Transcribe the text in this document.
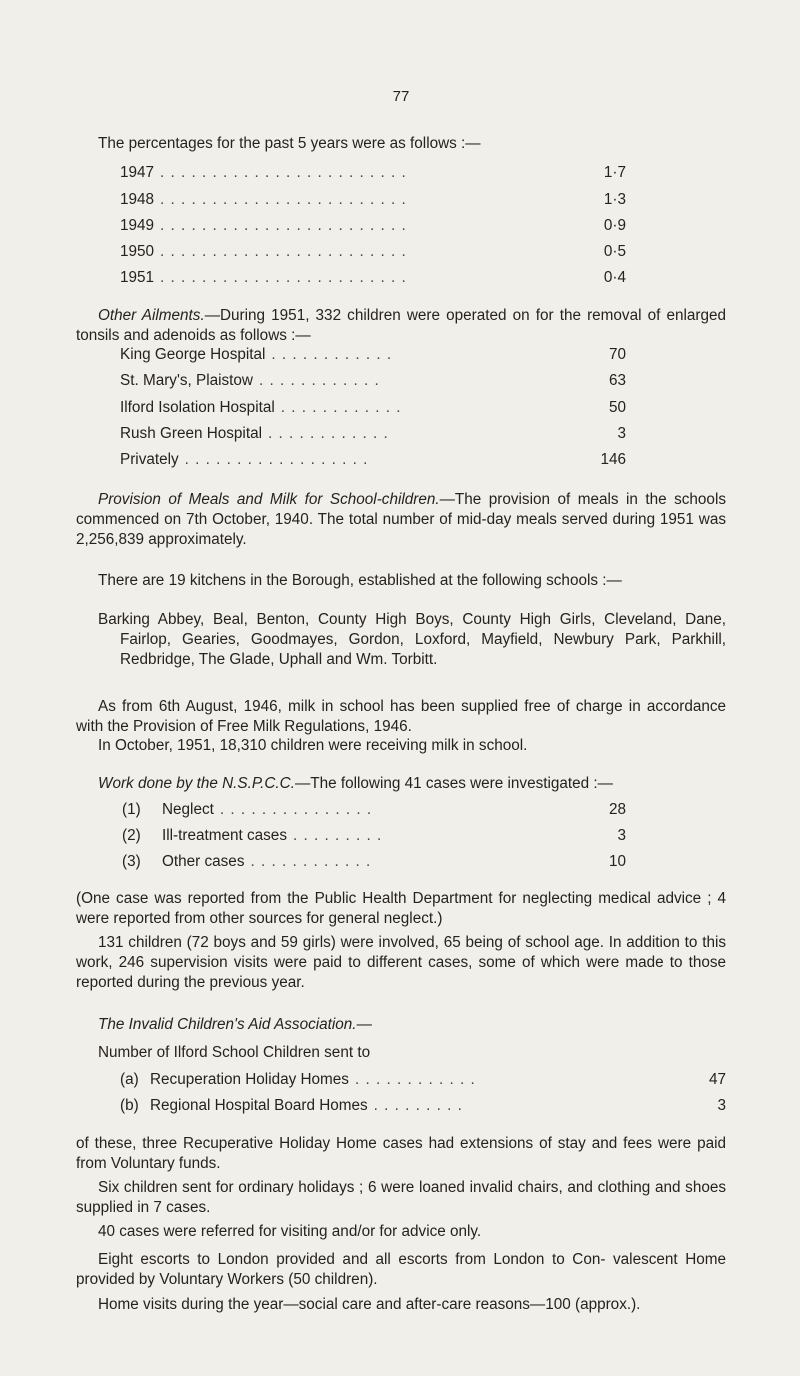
77
The percentages for the past 5 years were as follows :—
1947 . . . . . . . . . . . . . . . . . . . . . . . .	1·7
1948 . . . . . . . . . . . . . . . . . . . . . . . .	1·3
1949 . . . . . . . . . . . . . . . . . . . . . . . .	0·9
1950 . . . . . . . . . . . . . . . . . . . . . . . .	0·5
1951 . . . . . . . . . . . . . . . . . . . . . . . .	0·4
Other Ailments.—During 1951, 332 children were operated on for the removal of enlarged tonsils and adenoids as follows :—
King George Hospital . . . . . . . . . . . .	70
St. Mary's, Plaistow . . . . . . . . . . . .	63
Ilford Isolation Hospital . . . . . . . . . . . .	50
Rush Green Hospital . . . . . . . . . . . .	3
Privately . . . . . . . . . . . . . . . . . .	146
Provision of Meals and Milk for School-children.—The provision of meals in the schools commenced on 7th October, 1940. The total number of mid-day meals served during 1951 was 2,256,839 approximately.
There are 19 kitchens in the Borough, established at the following schools :—
Barking Abbey, Beal, Benton, County High Boys, County High Girls, Cleveland, Dane, Fairlop, Gearies, Goodmayes, Gordon, Loxford, Mayfield, Newbury Park, Parkhill, Redbridge, The Glade, Uphall and Wm. Torbitt.
As from 6th August, 1946, milk in school has been supplied free of charge in accordance with the Provision of Free Milk Regulations, 1946.
In October, 1951, 18,310 children were receiving milk in school.
Work done by the N.S.P.C.C.—The following 41 cases were investigated :—
(1)	Neglect . . . . . . . . . . . . . . .	28
(2)	Ill-treatment cases . . . . . . . . .	3
(3)	Other cases . . . . . . . . . . . .	10
(One case was reported from the Public Health Department for neglecting medical advice ; 4 were reported from other sources for general neglect.)
131 children (72 boys and 59 girls) were involved, 65 being of school age. In addition to this work, 246 supervision visits were paid to different cases, some of which were made to those reported during the previous year.
The Invalid Children's Aid Association.—
Number of Ilford School Children sent to
(a) Recuperation Holiday Homes . . . . . . . . . . . .	47
(b) Regional Hospital Board Homes . . . . . . . . .	3
of these, three Recuperative Holiday Home cases had extensions of stay and fees were paid from Voluntary funds.
Six children sent for ordinary holidays ; 6 were loaned invalid chairs, and clothing and shoes supplied in 7 cases.
40 cases were referred for visiting and/or for advice only.
Eight escorts to London provided and all escorts from London to Con- valescent Home provided by Voluntary Workers (50 children).
Home visits during the year—social care and after-care reasons—100 (approx.).
